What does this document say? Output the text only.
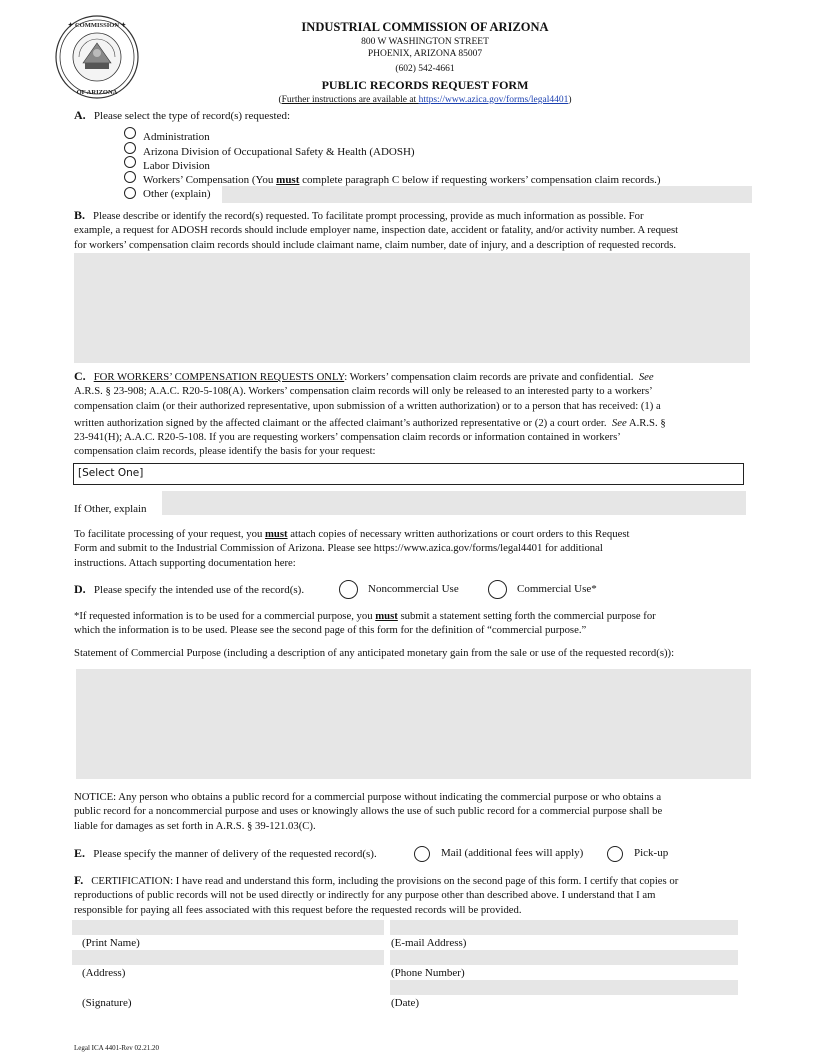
✦ COMMISSION ✦
OF ARIZONA
INDUSTRIAL COMMISSION OF ARIZONA
800 W WASHINGTON STREET
PHOENIX, ARIZONA 85007
(602) 542-4661
PUBLIC RECORDS REQUEST FORM
(Further instructions are available at https://www.azica.gov/forms/legal4401)
A. Please select the type of record(s) requested:
Administration
Arizona Division of Occupational Safety & Health (ADOSH)
Labor Division
Workers’ Compensation (You must complete paragraph C below if requesting workers’ compensation claim records.)
Other (explain)
B. Please describe or identify the record(s) requested. To facilitate prompt processing, provide as much information as possible. For
example, a request for ADOSH records should include employer name, inspection date, accident or fatality, and/or activity number. A request
for workers’ compensation claim records should include claimant name, claim number, date of injury, and a description of requested records.
C. FOR WORKERS’ COMPENSATION REQUESTS ONLY: Workers’ compensation claim records are private and confidential. See
A.R.S. § 23-908; A.A.C. R20-5-108(A). Workers’ compensation claim records will only be released to an interested party to a workers’
compensation claim (or their authorized representative, upon submission of a written authorization) or to a person that has received: (1) a
written authorization signed by the affected claimant or the affected claimant’s authorized representative or (2) a court order. See A.R.S. §
23-941(H); A.A.C. R20-5-108. If you are requesting workers’ compensation claim records or information contained in workers’
compensation claim records, please identify the basis for your request:
[Select One]
If Other, explain
To facilitate processing of your request, you must attach copies of necessary written authorizations or court orders to this Request
Form and submit to the Industrial Commission of Arizona. Please see https://www.azica.gov/forms/legal4401 for additional
instructions. Attach supporting documentation here:
D. Please specify the intended use of the record(s).	Noncommercial Use	Commercial Use*
*If requested information is to be used for a commercial purpose, you must submit a statement setting forth the commercial purpose for
which the information is to be used. Please see the second page of this form for the definition of “commercial purpose.”
Statement of Commercial Purpose (including a description of any anticipated monetary gain from the sale or use of the requested record(s)):
NOTICE: Any person who obtains a public record for a commercial purpose without indicating the commercial purpose or who obtains a
public record for a noncommercial purpose and uses or knowingly allows the use of such public record for a commercial purpose shall be
liable for damages as set forth in A.R.S. § 39-121.03(C).
E. Please specify the manner of delivery of the requested record(s).	Mail (additional fees will apply)	Pick-up
F. CERTIFICATION: I have read and understand this form, including the provisions on the second page of this form. I certify that copies or
reproductions of public records will not be used directly or indirectly for any purpose other than described above. I understand that I am
responsible for paying all fees associated with this request before the requested records will be provided.
(Print Name)	(E-mail Address)
(Address)	(Phone Number)
(Signature)	(Date)
Legal ICA 4401-Rev 02.21.20
